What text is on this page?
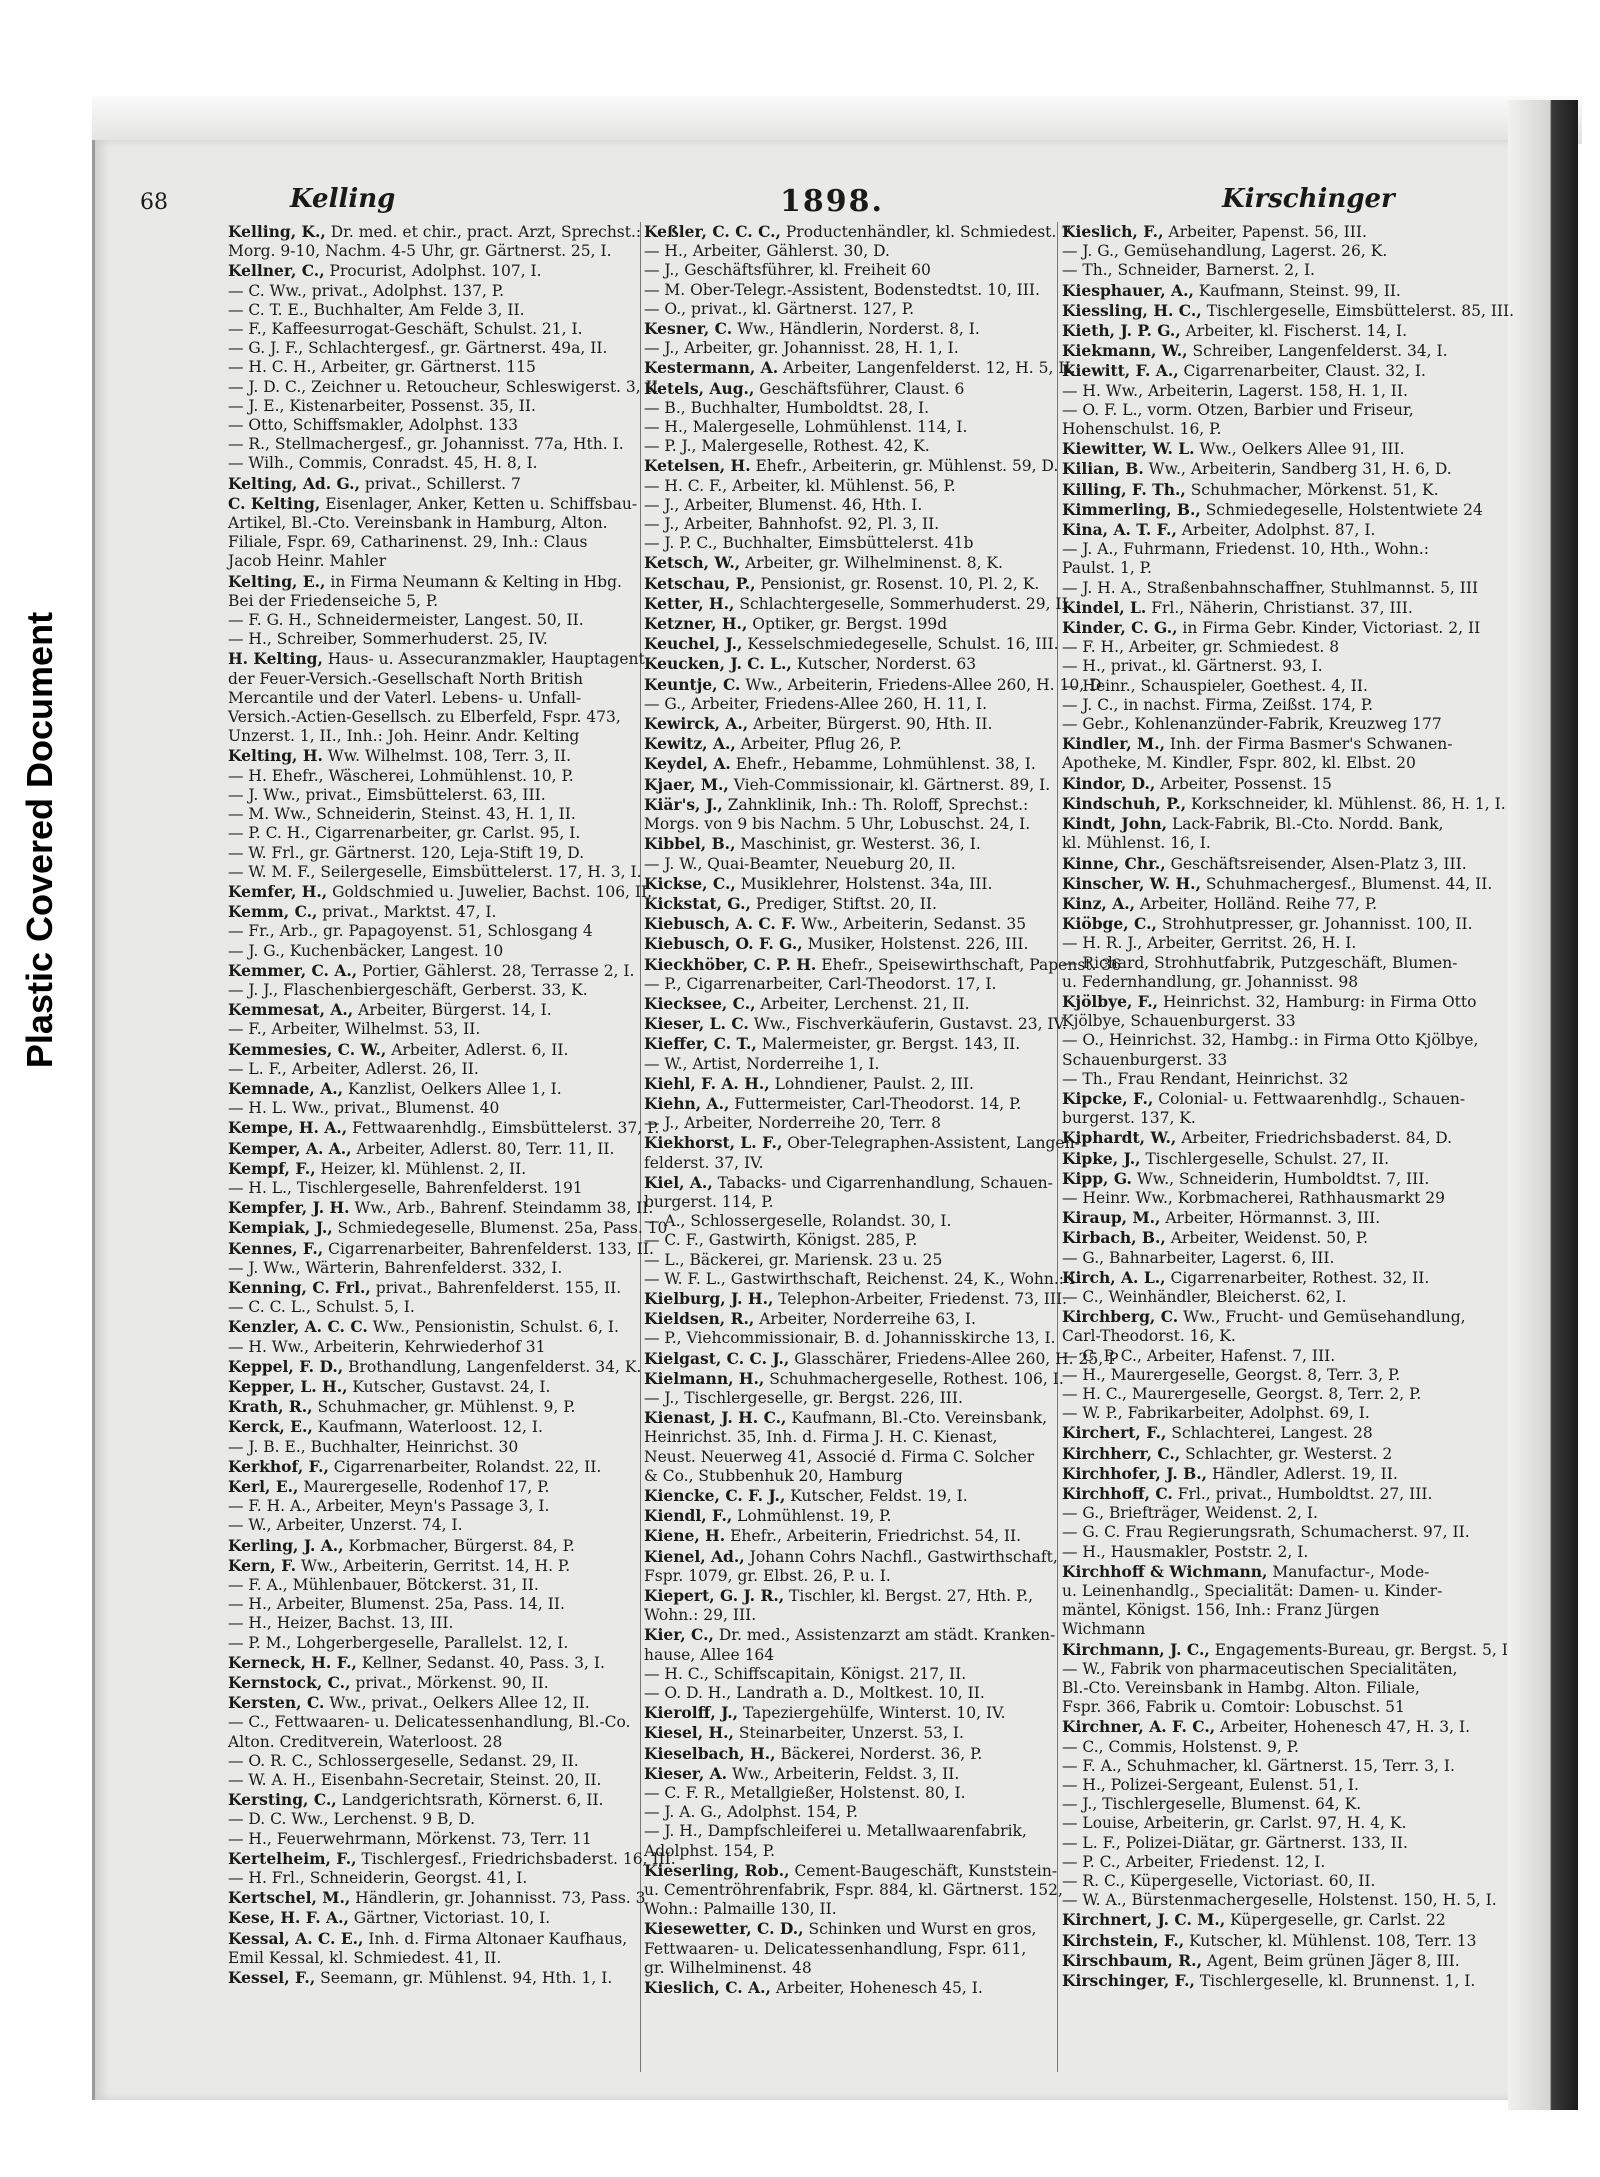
Plastic Covered Document
68	Kelling	1898.	Kirschinger
Kelling, K., Dr. med. et chir., pract. Arzt, Sprechst.:
Morg. 9-10, Nachm. 4-5 Uhr, gr. Gärtnerst. 25, I.
Kellner, C., Procurist, Adolphst. 107, I.
— C. Ww., privat., Adolphst. 137, P.
— C. T. E., Buchhalter, Am Felde 3, II.
— F., Kaffeesurrogat-Geschäft, Schulst. 21, I.
— G. J. F., Schlachtergesf., gr. Gärtnerst. 49a, II.
— H. C. H., Arbeiter, gr. Gärtnerst. 115
— J. D. C., Zeichner u. Retoucheur, Schleswigerst. 3, II
— J. E., Kistenarbeiter, Possenst. 35, II.
— Otto, Schiffsmakler, Adolphst. 133
— R., Stellmachergesf., gr. Johannisst. 77a, Hth. I.
— Wilh., Commis, Conradst. 45, H. 8, I.
Kelting, Ad. G., privat., Schillerst. 7
C. Kelting, Eisenlager, Anker, Ketten u. Schiffsbau-
Artikel, Bl.-Cto. Vereinsbank in Hamburg, Alton.
Filiale, Fspr. 69, Catharinenst. 29, Inh.: Claus
Jacob Heinr. Mahler
Kelting, E., in Firma Neumann & Kelting in Hbg.
Bei der Friedenseiche 5, P.
— F. G. H., Schneidermeister, Langest. 50, II.
— H., Schreiber, Sommerhuderst. 25, IV.
H. Kelting, Haus- u. Assecuranzmakler, Hauptagent
der Feuer-Versich.-Gesellschaft North British
Mercantile und der Vaterl. Lebens- u. Unfall-
Versich.-Actien-Gesellsch. zu Elberfeld, Fspr. 473,
Unzerst. 1, II., Inh.: Joh. Heinr. Andr. Kelting
Kelting, H. Ww. Wilhelmst. 108, Terr. 3, II.
— H. Ehefr., Wäscherei, Lohmühlenst. 10, P.
— J. Ww., privat., Eimsbüttelerst. 63, III.
— M. Ww., Schneiderin, Steinst. 43, H. 1, II.
— P. C. H., Cigarrenarbeiter, gr. Carlst. 95, I.
— W. Frl., gr. Gärtnerst. 120, Leja-Stift 19, D.
— W. M. F., Seilergeselle, Eimsbüttelerst. 17, H. 3, I.
Kemfer, H., Goldschmied u. Juwelier, Bachst. 106, II.
Kemm, C., privat., Marktst. 47, I.
— Fr., Arb., gr. Papagoyenst. 51, Schlosgang 4
— J. G., Kuchenbäcker, Langest. 10
Kemmer, C. A., Portier, Gählerst. 28, Terrasse 2, I.
— J. J., Flaschenbiergeschäft, Gerberst. 33, K.
Kemmesat, A., Arbeiter, Bürgerst. 14, I.
— F., Arbeiter, Wilhelmst. 53, II.
Kemmesies, C. W., Arbeiter, Adlerst. 6, II.
— L. F., Arbeiter, Adlerst. 26, II.
Kemnade, A., Kanzlist, Oelkers Allee 1, I.
— H. L. Ww., privat., Blumenst. 40
Kempe, H. A., Fettwaarenhdlg., Eimsbüttelerst. 37, P.
Kemper, A. A., Arbeiter, Adlerst. 80, Terr. 11, II.
Kempf, F., Heizer, kl. Mühlenst. 2, II.
— H. L., Tischlergeselle, Bahrenfelderst. 191
Kempfer, J. H. Ww., Arb., Bahrenf. Steindamm 38, II.
Kempiak, J., Schmiedegeselle, Blumenst. 25a, Pass. 10
Kennes, F., Cigarrenarbeiter, Bahrenfelderst. 133, II.
— J. Ww., Wärterin, Bahrenfelderst. 332, I.
Kenning, C. Frl., privat., Bahrenfelderst. 155, II.
— C. C. L., Schulst. 5, I.
Kenzler, A. C. C. Ww., Pensionistin, Schulst. 6, I.
— H. Ww., Arbeiterin, Kehrwiederhof 31
Keppel, F. D., Brothandlung, Langenfelderst. 34, K.
Kepper, L. H., Kutscher, Gustavst. 24, I.
Krath, R., Schuhmacher, gr. Mühlenst. 9, P.
Kerck, E., Kaufmann, Waterloost. 12, I.
— J. B. E., Buchhalter, Heinrichst. 30
Kerkhof, F., Cigarrenarbeiter, Rolandst. 22, II.
Kerl, E., Maurergeselle, Rodenhof 17, P.
— F. H. A., Arbeiter, Meyn's Passage 3, I.
— W., Arbeiter, Unzerst. 74, I.
Kerling, J. A., Korbmacher, Bürgerst. 84, P.
Kern, F. Ww., Arbeiterin, Gerritst. 14, H. P.
— F. A., Mühlenbauer, Bötckerst. 31, II.
— H., Arbeiter, Blumenst. 25a, Pass. 14, II.
— H., Heizer, Bachst. 13, III.
— P. M., Lohgerbergeselle, Parallelst. 12, I.
Kerneck, H. F., Kellner, Sedanst. 40, Pass. 3, I.
Kernstock, C., privat., Mörkenst. 90, II.
Kersten, C. Ww., privat., Oelkers Allee 12, II.
— C., Fettwaaren- u. Delicatessenhandlung, Bl.-Co.
Alton. Creditverein, Waterloost. 28
— O. R. C., Schlossergeselle, Sedanst. 29, II.
— W. A. H., Eisenbahn-Secretair, Steinst. 20, II.
Kersting, C., Landgerichtsrath, Körnerst. 6, II.
— D. C. Ww., Lerchenst. 9 B, D.
— H., Feuerwehrmann, Mörkenst. 73, Terr. 11
Kertelheim, F., Tischlergesf., Friedrichsbaderst. 16, III.
— H. Frl., Schneiderin, Georgst. 41, I.
Kertschel, M., Händlerin, gr. Johannisst. 73, Pass. 3
Kese, H. F. A., Gärtner, Victoriast. 10, I.
Kessal, A. C. E., Inh. d. Firma Altonaer Kaufhaus,
Emil Kessal, kl. Schmiedest. 41, II.
Kessel, F., Seemann, gr. Mühlenst. 94, Hth. 1, I.
Keßler, C. C. C., Productenhändler, kl. Schmiedest. 7
— H., Arbeiter, Gählerst. 30, D.
— J., Geschäftsführer, kl. Freiheit 60
— M. Ober-Telegr.-Assistent, Bodenstedtst. 10, III.
— O., privat., kl. Gärtnerst. 127, P.
Kesner, C. Ww., Händlerin, Norderst. 8, I.
— J., Arbeiter, gr. Johannisst. 28, H. 1, I.
Kestermann, A. Arbeiter, Langenfelderst. 12, H. 5, II.
Ketels, Aug., Geschäftsführer, Claust. 6
— B., Buchhalter, Humboldtst. 28, I.
— H., Malergeselle, Lohmühlenst. 114, I.
— P. J., Malergeselle, Rothest. 42, K.
Ketelsen, H. Ehefr., Arbeiterin, gr. Mühlenst. 59, D.
— H. C. F., Arbeiter, kl. Mühlenst. 56, P.
— J., Arbeiter, Blumenst. 46, Hth. I.
— J., Arbeiter, Bahnhofst. 92, Pl. 3, II.
— J. P. C., Buchhalter, Eimsbüttelerst. 41b
Ketsch, W., Arbeiter, gr. Wilhelminenst. 8, K.
Ketschau, P., Pensionist, gr. Rosenst. 10, Pl. 2, K.
Ketter, H., Schlachtergeselle, Sommerhuderst. 29, II.
Ketzner, H., Optiker, gr. Bergst. 199d
Keuchel, J., Kesselschmiedegeselle, Schulst. 16, III.
Keucken, J. C. L., Kutscher, Norderst. 63
Keuntje, C. Ww., Arbeiterin, Friedens-Allee 260, H. 10, D
— G., Arbeiter, Friedens-Allee 260, H. 11, I.
Kewirck, A., Arbeiter, Bürgerst. 90, Hth. II.
Kewitz, A., Arbeiter, Pflug 26, P.
Keydel, A. Ehefr., Hebamme, Lohmühlenst. 38, I.
Kjaer, M., Vieh-Commissionair, kl. Gärtnerst. 89, I.
Kiär's, J., Zahnklinik, Inh.: Th. Roloff, Sprechst.:
Morgs. von 9 bis Nachm. 5 Uhr, Lobuschst. 24, I.
Kibbel, B., Maschinist, gr. Westerst. 36, I.
— J. W., Quai-Beamter, Neueburg 20, II.
Kickse, C., Musiklehrer, Holstenst. 34a, III.
Kickstat, G., Prediger, Stiftst. 20, II.
Kiebusch, A. C. F. Ww., Arbeiterin, Sedanst. 35
Kiebusch, O. F. G., Musiker, Holstenst. 226, III.
Kieckhöber, C. P. H. Ehefr., Speisewirthschaft, Papenst. 36
— P., Cigarrenarbeiter, Carl-Theodorst. 17, I.
Kiecksee, C., Arbeiter, Lerchenst. 21, II.
Kieser, L. C. Ww., Fischverkäuferin, Gustavst. 23, IV.
Kieffer, C. T., Malermeister, gr. Bergst. 143, II.
— W., Artist, Norderreihe 1, I.
Kiehl, F. A. H., Lohndiener, Paulst. 2, III.
Kiehn, A., Futtermeister, Carl-Theodorst. 14, P.
— J., Arbeiter, Norderreihe 20, Terr. 8
Kiekhorst, L. F., Ober-Telegraphen-Assistent, Langen-
felderst. 37, IV.
Kiel, A., Tabacks- und Cigarrenhandlung, Schauen-
burgerst. 114, P.
— A., Schlossergeselle, Rolandst. 30, I.
— C. F., Gastwirth, Königst. 285, P.
— L., Bäckerei, gr. Mariensk. 23 u. 25
— W. F. L., Gastwirthschaft, Reichenst. 24, K., Wohn.: I
Kielburg, J. H., Telephon-Arbeiter, Friedenst. 73, III.
Kieldsen, R., Arbeiter, Norderreihe 63, I.
— P., Viehcommissionair, B. d. Johannisskirche 13, I.
Kielgast, C. C. J., Glasschärer, Friedens-Allee 260, H. 25, P
Kielmann, H., Schuhmachergeselle, Rothest. 106, I.
— J., Tischlergeselle, gr. Bergst. 226, III.
Kienast, J. H. C., Kaufmann, Bl.-Cto. Vereinsbank,
Heinrichst. 35, Inh. d. Firma J. H. C. Kienast,
Neust. Neuerweg 41, Associé d. Firma C. Solcher
& Co., Stubbenhuk 20, Hamburg
Kiencke, C. F. J., Kutscher, Feldst. 19, I.
Kiendl, F., Lohmühlenst. 19, P.
Kiene, H. Ehefr., Arbeiterin, Friedrichst. 54, II.
Kienel, Ad., Johann Cohrs Nachfl., Gastwirthschaft,
Fspr. 1079, gr. Elbst. 26, P. u. I.
Kiepert, G. J. R., Tischler, kl. Bergst. 27, Hth. P.,
Wohn.: 29, III.
Kier, C., Dr. med., Assistenzarzt am städt. Kranken-
hause, Allee 164
— H. C., Schiffscapitain, Königst. 217, II.
— O. D. H., Landrath a. D., Moltkest. 10, II.
Kierolff, J., Tapeziergehülfe, Winterst. 10, IV.
Kiesel, H., Steinarbeiter, Unzerst. 53, I.
Kieselbach, H., Bäckerei, Norderst. 36, P.
Kieser, A. Ww., Arbeiterin, Feldst. 3, II.
— C. F. R., Metallgießer, Holstenst. 80, I.
— J. A. G., Adolphst. 154, P.
— J. H., Dampfschleiferei u. Metallwaarenfabrik,
Adolphst. 154, P.
Kieserling, Rob., Cement-Baugeschäft, Kunststein-
u. Cementröhrenfabrik, Fspr. 884, kl. Gärtnerst. 152,
Wohn.: Palmaille 130, II.
Kiesewetter, C. D., Schinken und Wurst en gros,
Fettwaaren- u. Delicatessenhandlung, Fspr. 611,
gr. Wilhelminenst. 48
Kieslich, C. A., Arbeiter, Hohenesch 45, I.
Kieslich, F., Arbeiter, Papenst. 56, III.
— J. G., Gemüsehandlung, Lagerst. 26, K.
— Th., Schneider, Barnerst. 2, I.
Kiesphauer, A., Kaufmann, Steinst. 99, II.
Kiessling, H. C., Tischlergeselle, Eimsbüttelerst. 85, III.
Kieth, J. P. G., Arbeiter, kl. Fischerst. 14, I.
Kiekmann, W., Schreiber, Langenfelderst. 34, I.
Kiewitt, F. A., Cigarrenarbeiter, Claust. 32, I.
— H. Ww., Arbeiterin, Lagerst. 158, H. 1, II.
— O. F. L., vorm. Otzen, Barbier und Friseur,
Hohenschulst. 16, P.
Kiewitter, W. L. Ww., Oelkers Allee 91, III.
Kilian, B. Ww., Arbeiterin, Sandberg 31, H. 6, D.
Killing, F. Th., Schuhmacher, Mörkenst. 51, K.
Kimmerling, B., Schmiedegeselle, Holstentwiete 24
Kina, A. T. F., Arbeiter, Adolphst. 87, I.
— J. A., Fuhrmann, Friedenst. 10, Hth., Wohn.:
Paulst. 1, P.
— J. H. A., Straßenbahnschaffner, Stuhlmannst. 5, III
Kindel, L. Frl., Näherin, Christianst. 37, III.
Kinder, C. G., in Firma Gebr. Kinder, Victoriast. 2, II
— F. H., Arbeiter, gr. Schmiedest. 8
— H., privat., kl. Gärtnerst. 93, I.
— Heinr., Schauspieler, Goethest. 4, II.
— J. C., in nachst. Firma, Zeißst. 174, P.
— Gebr., Kohlenanzünder-Fabrik, Kreuzweg 177
Kindler, M., Inh. der Firma Basmer's Schwanen-
Apotheke, M. Kindler, Fspr. 802, kl. Elbst. 20
Kindor, D., Arbeiter, Possenst. 15
Kindschuh, P., Korkschneider, kl. Mühlenst. 86, H. 1, I.
Kindt, John, Lack-Fabrik, Bl.-Cto. Nordd. Bank,
kl. Mühlenst. 16, I.
Kinne, Chr., Geschäftsreisender, Alsen-Platz 3, III.
Kinscher, W. H., Schuhmachergesf., Blumenst. 44, II.
Kinz, A., Arbeiter, Holländ. Reihe 77, P.
Kiöbge, C., Strohhutpresser, gr. Johannisst. 100, II.
— H. R. J., Arbeiter, Gerritst. 26, H. I.
— Richard, Strohhutfabrik, Putzgeschäft, Blumen-
u. Federnhandlung, gr. Johannisst. 98
Kjölbye, F., Heinrichst. 32, Hamburg: in Firma Otto
Kjölbye, Schauenburgerst. 33
— O., Heinrichst. 32, Hambg.: in Firma Otto Kjölbye,
Schauenburgerst. 33
— Th., Frau Rendant, Heinrichst. 32
Kipcke, F., Colonial- u. Fettwaarenhdlg., Schauen-
burgerst. 137, K.
Kiphardt, W., Arbeiter, Friedrichsbaderst. 84, D.
Kipke, J., Tischlergeselle, Schulst. 27, II.
Kipp, G. Ww., Schneiderin, Humboldtst. 7, III.
— Heinr. Ww., Korbmacherei, Rathhausmarkt 29
Kiraup, M., Arbeiter, Hörmannst. 3, III.
Kirbach, B., Arbeiter, Weidenst. 50, P.
— G., Bahnarbeiter, Lagerst. 6, III.
Kirch, A. L., Cigarrenarbeiter, Rothest. 32, II.
— C., Weinhändler, Bleicherst. 62, I.
Kirchberg, C. Ww., Frucht- und Gemüsehandlung,
Carl-Theodorst. 16, K.
— C. P. C., Arbeiter, Hafenst. 7, III.
— H., Maurergeselle, Georgst. 8, Terr. 3, P.
— H. C., Maurergeselle, Georgst. 8, Terr. 2, P.
— W. P., Fabrikarbeiter, Adolphst. 69, I.
Kirchert, F., Schlachterei, Langest. 28
Kirchherr, C., Schlachter, gr. Westerst. 2
Kirchhofer, J. B., Händler, Adlerst. 19, II.
Kirchhoff, C. Frl., privat., Humboldtst. 27, III.
— G., Briefträger, Weidenst. 2, I.
— G. C. Frau Regierungsrath, Schumacherst. 97, II.
— H., Hausmakler, Poststr. 2, I.
Kirchhoff & Wichmann, Manufactur-, Mode-
u. Leinenhandlg., Specialität: Damen- u. Kinder-
mäntel, Königst. 156, Inh.: Franz Jürgen
Wichmann
Kirchmann, J. C., Engagements-Bureau, gr. Bergst. 5, I
— W., Fabrik von pharmaceutischen Specialitäten,
Bl.-Cto. Vereinsbank in Hambg. Alton. Filiale,
Fspr. 366, Fabrik u. Comtoir: Lobuschst. 51
Kirchner, A. F. C., Arbeiter, Hohenesch 47, H. 3, I.
— C., Commis, Holstenst. 9, P.
— F. A., Schuhmacher, kl. Gärtnerst. 15, Terr. 3, I.
— H., Polizei-Sergeant, Eulenst. 51, I.
— J., Tischlergeselle, Blumenst. 64, K.
— Louise, Arbeiterin, gr. Carlst. 97, H. 4, K.
— L. F., Polizei-Diätar, gr. Gärtnerst. 133, II.
— P. C., Arbeiter, Friedenst. 12, I.
— R. C., Küpergeselle, Victoriast. 60, II.
— W. A., Bürstenmachergeselle, Holstenst. 150, H. 5, I.
Kirchnert, J. C. M., Küpergeselle, gr. Carlst. 22
Kirchstein, F., Kutscher, kl. Mühlenst. 108, Terr. 13
Kirschbaum, R., Agent, Beim grünen Jäger 8, III.
Kirschinger, F., Tischlergeselle, kl. Brunnenst. 1, I.
